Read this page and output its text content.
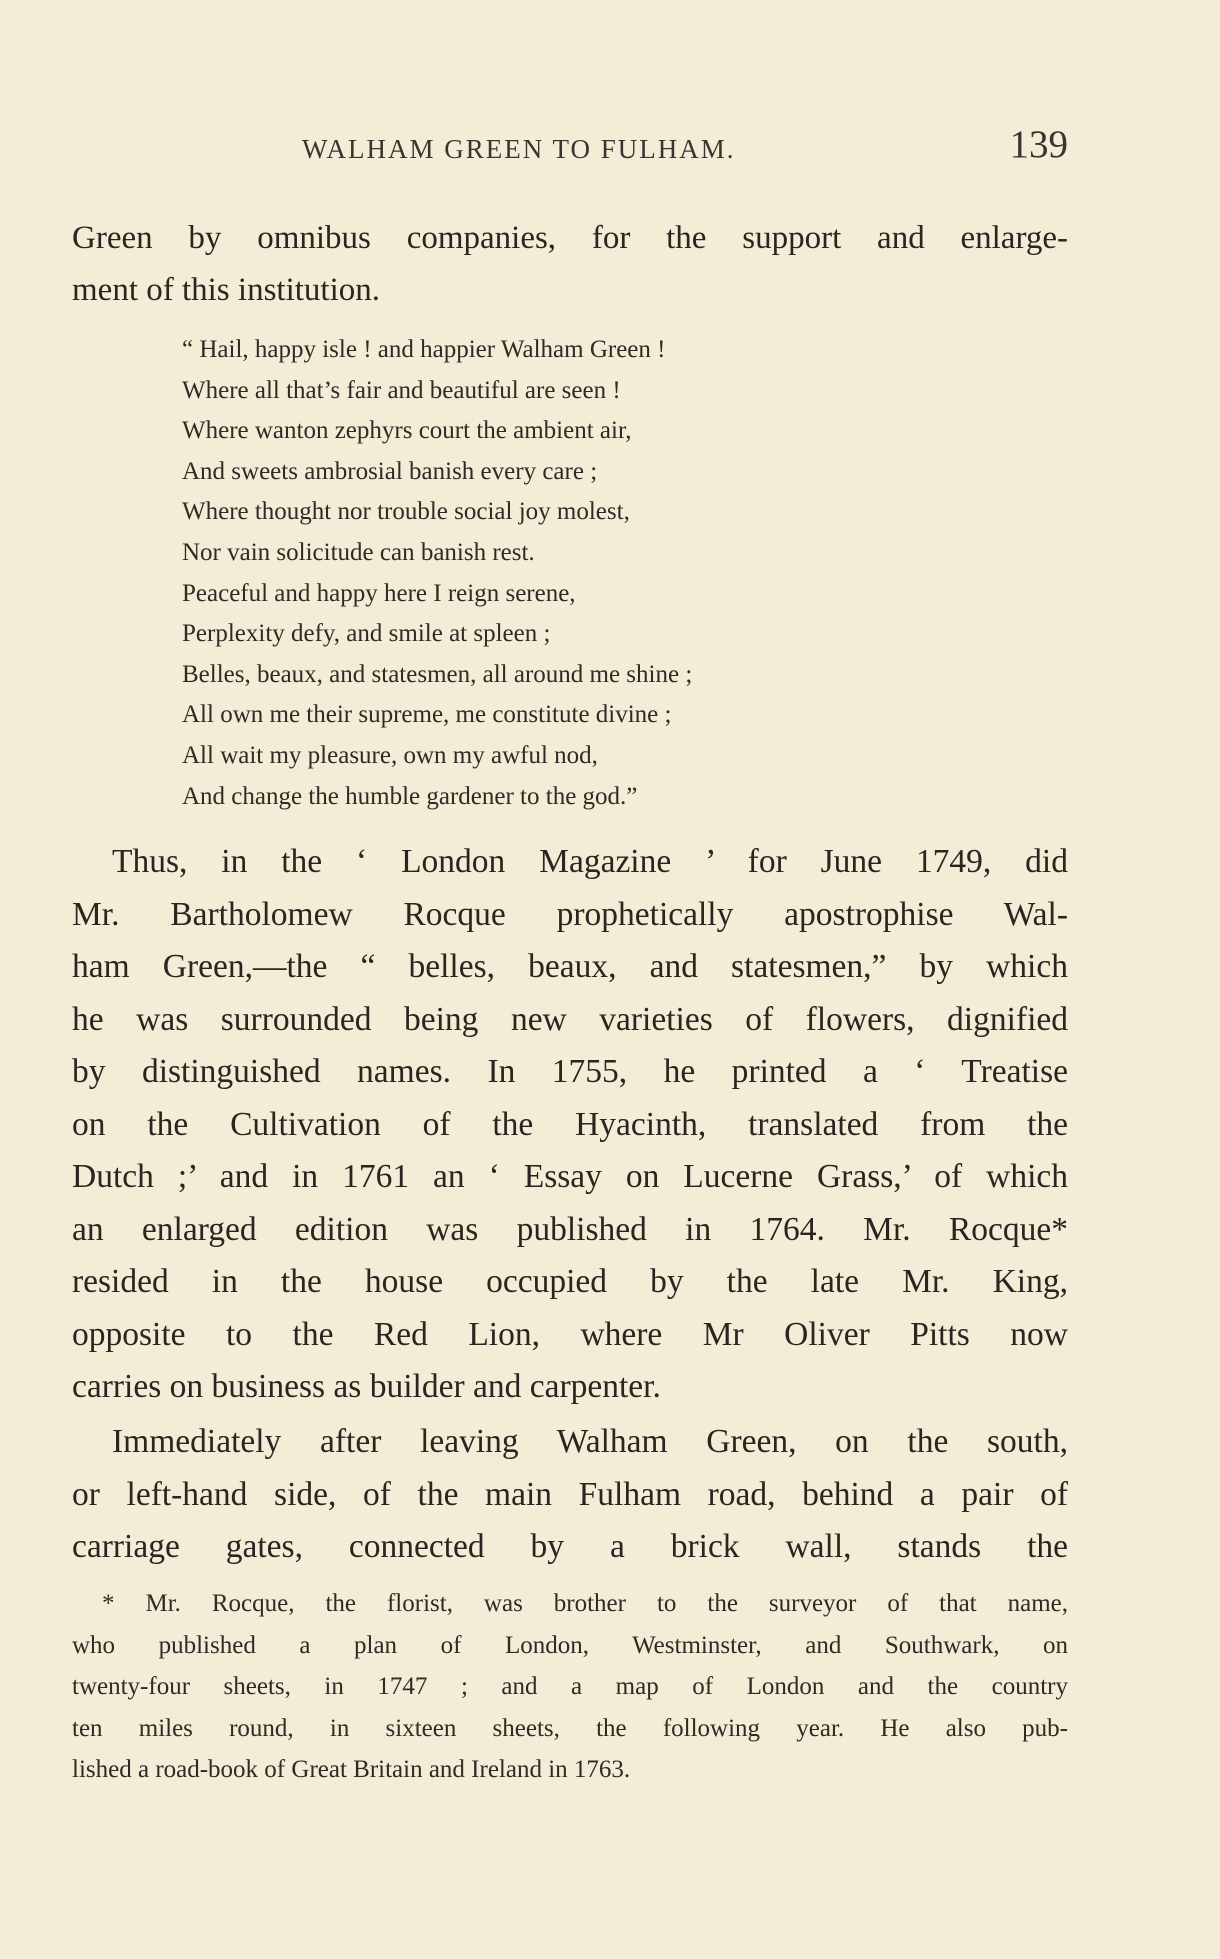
WALHAM GREEN TO FULHAM.	139
Green by omnibus companies, for the support and enlarge-
ment of this institution.
“ Hail, happy isle ! and happier Walham Green !
Where all that’s fair and beautiful are seen !
Where wanton zephyrs court the ambient air,
And sweets ambrosial banish every care ;
Where thought nor trouble social joy molest,
Nor vain solicitude can banish rest.
Peaceful and happy here I reign serene,
Perplexity defy, and smile at spleen ;
Belles, beaux, and statesmen, all around me shine ;
All own me their supreme, me constitute divine ;
All wait my pleasure, own my awful nod,
And change the humble gardener to the god.”
Thus, in the ‘ London Magazine ’ for June 1749, did
Mr. Bartholomew Rocque prophetically apostrophise Wal-
ham Green,—the “ belles, beaux, and statesmen,” by which
he was surrounded being new varieties of flowers, dignified
by distinguished names. In 1755, he printed a ‘ Treatise
on the Cultivation of the Hyacinth, translated from the
Dutch ;’ and in 1761 an ‘ Essay on Lucerne Grass,’ of which
an enlarged edition was published in 1764. Mr. Rocque*
resided in the house occupied by the late Mr. King,
opposite to the Red Lion, where Mr Oliver Pitts now
carries on business as builder and carpenter.
Immediately after leaving Walham Green, on the south,
or left-hand side, of the main Fulham road, behind a pair of
carriage gates, connected by a brick wall, stands the
* Mr. Rocque, the florist, was brother to the surveyor of that name,
who published a plan of London, Westminster, and Southwark, on
twenty-four sheets, in 1747 ; and a map of London and the country
ten miles round, in sixteen sheets, the following year. He also pub-
lished a road-book of Great Britain and Ireland in 1763.
